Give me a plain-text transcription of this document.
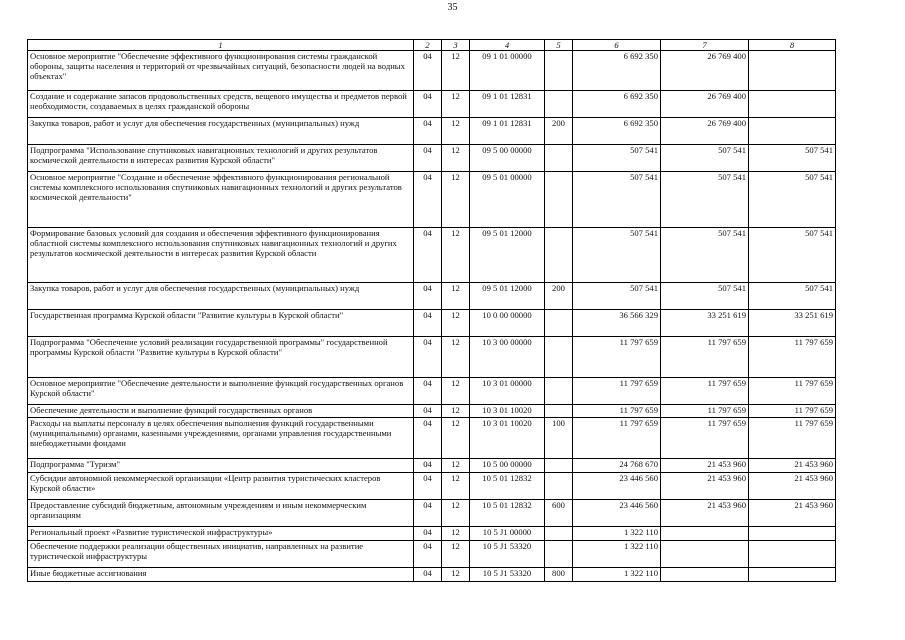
35
1	2	3	4	5	6	7	8
Основное мероприятие "Обеспечение эффективного функционирования системы гражданской обороны, защиты населения и территорий от чрезвычайных ситуаций, безопасности людей на водных объектах"	04	12	09 1 01 00000		6 692 350	26 769 400	
Создание и содержание запасов продовольственных средств, вещевого имущества и предметов первой необходимости, создаваемых в целях гражданской обороны	04	12	09 1 01 12831		6 692 350	26 769 400	
Закупка товаров, работ и услуг для обеспечения государственных (муниципальных) нужд	04	12	09 1 01 12831	200	6 692 350	26 769 400	
Подпрограмма "Использование спутниковых навигационных технологий и других результатов космической деятельности в интересах развития Курской области"	04	12	09 5 00 00000		507 541	507 541	507 541
Основное мероприятие "Создание и обеспечение эффективного функционирования региональной системы комплексного использования спутниковых навигационных технологий и других результатов космической деятельности"	04	12	09 5 01 00000		507 541	507 541	507 541
Формирование базовых условий для создания и обеспечения эффективного функционирования областной системы комплексного использования спутниковых навигационных технологий и других результатов космической деятельности в интересах развития Курской области	04	12	09 5 01 12000		507 541	507 541	507 541
Закупка товаров, работ и услуг для обеспечения государственных (муниципальных) нужд	04	12	09 5 01 12000	200	507 541	507 541	507 541
Государственная программа Курской области "Развитие культуры в Курской области"	04	12	10 0 00 00000		36 566 329	33 251 619	33 251 619
Подпрограмма "Обеспечение условий реализации государственной программы" государственной программы Курской области "Развитие культуры в Курской области"	04	12	10 3 00 00000		11 797 659	11 797 659	11 797 659
Основное мероприятие "Обеспечение деятельности и выполнение функций государственных органов Курской области"	04	12	10 3 01 00000		11 797 659	11 797 659	11 797 659
Обеспечение деятельности и выполнение функций государственных органов	04	12	10 3 01 10020		11 797 659	11 797 659	11 797 659
Расходы на выплаты персоналу в целях обеспечения выполнения функций государственными (муниципальными) органами, казенными учреждениями, органами управления государственными внебюджетными фондами	04	12	10 3 01 10020	100	11 797 659	11 797 659	11 797 659
Подпрограмма "Туризм"	04	12	10 5 00 00000		24 768 670	21 453 960	21 453 960
Субсидии автономной некоммерческой организации «Центр развития туристических кластеров Курской области»	04	12	10 5 01 12832		23 446 560	21 453 960	21 453 960
Предоставление субсидий бюджетным, автономным учреждениям и иным некоммерческим организациям	04	12	10 5 01 12832	600	23 446 560	21 453 960	21 453 960
Региональный проект «Развитие туристической инфраструктуры»	04	12	10 5 J1 00000		1 322 110		
Обеспечение поддержки реализации общественных инициатив, направленных на развитие туристической инфраструктуры	04	12	10 5 J1 53320		1 322 110		
Иные бюджетные ассигнования	04	12	10 5 J1 53320	800	1 322 110		
